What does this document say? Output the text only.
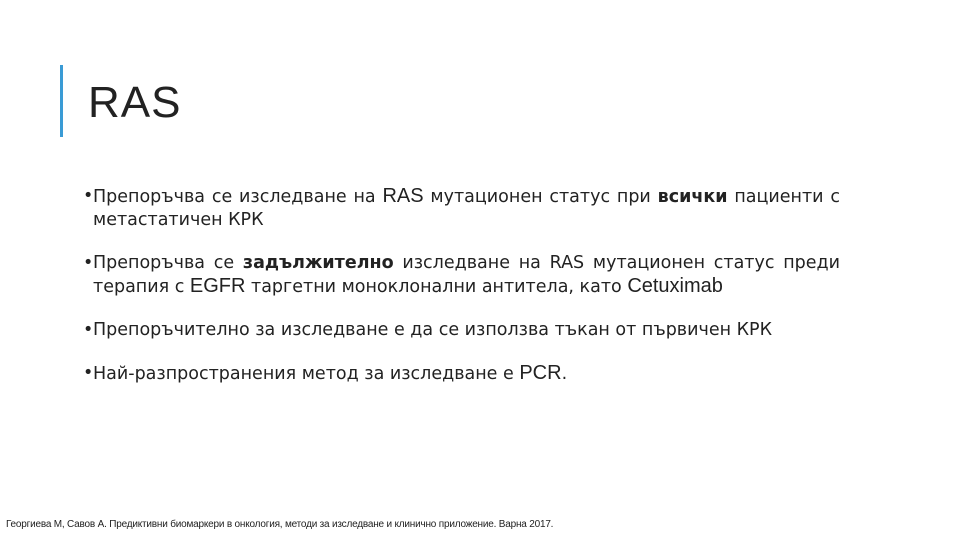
RAS
• Препоръчва се изследване на RAS мутационен статус при всички пациенти с метастатичен КРК
• Препоръчва се задължително изследване на RAS мутационен статус преди терапия с EGFR таргетни моноклонални антитела, като Cetuximab
• Препоръчително за изследване е да се използва тъкан от първичен КРК
• Най-разпространения метод за изследване е PCR.
Георгиева М, Савов А. Предиктивни биомаркери в онкология, методи за изследване и клинично приложение. Варна 2017.
